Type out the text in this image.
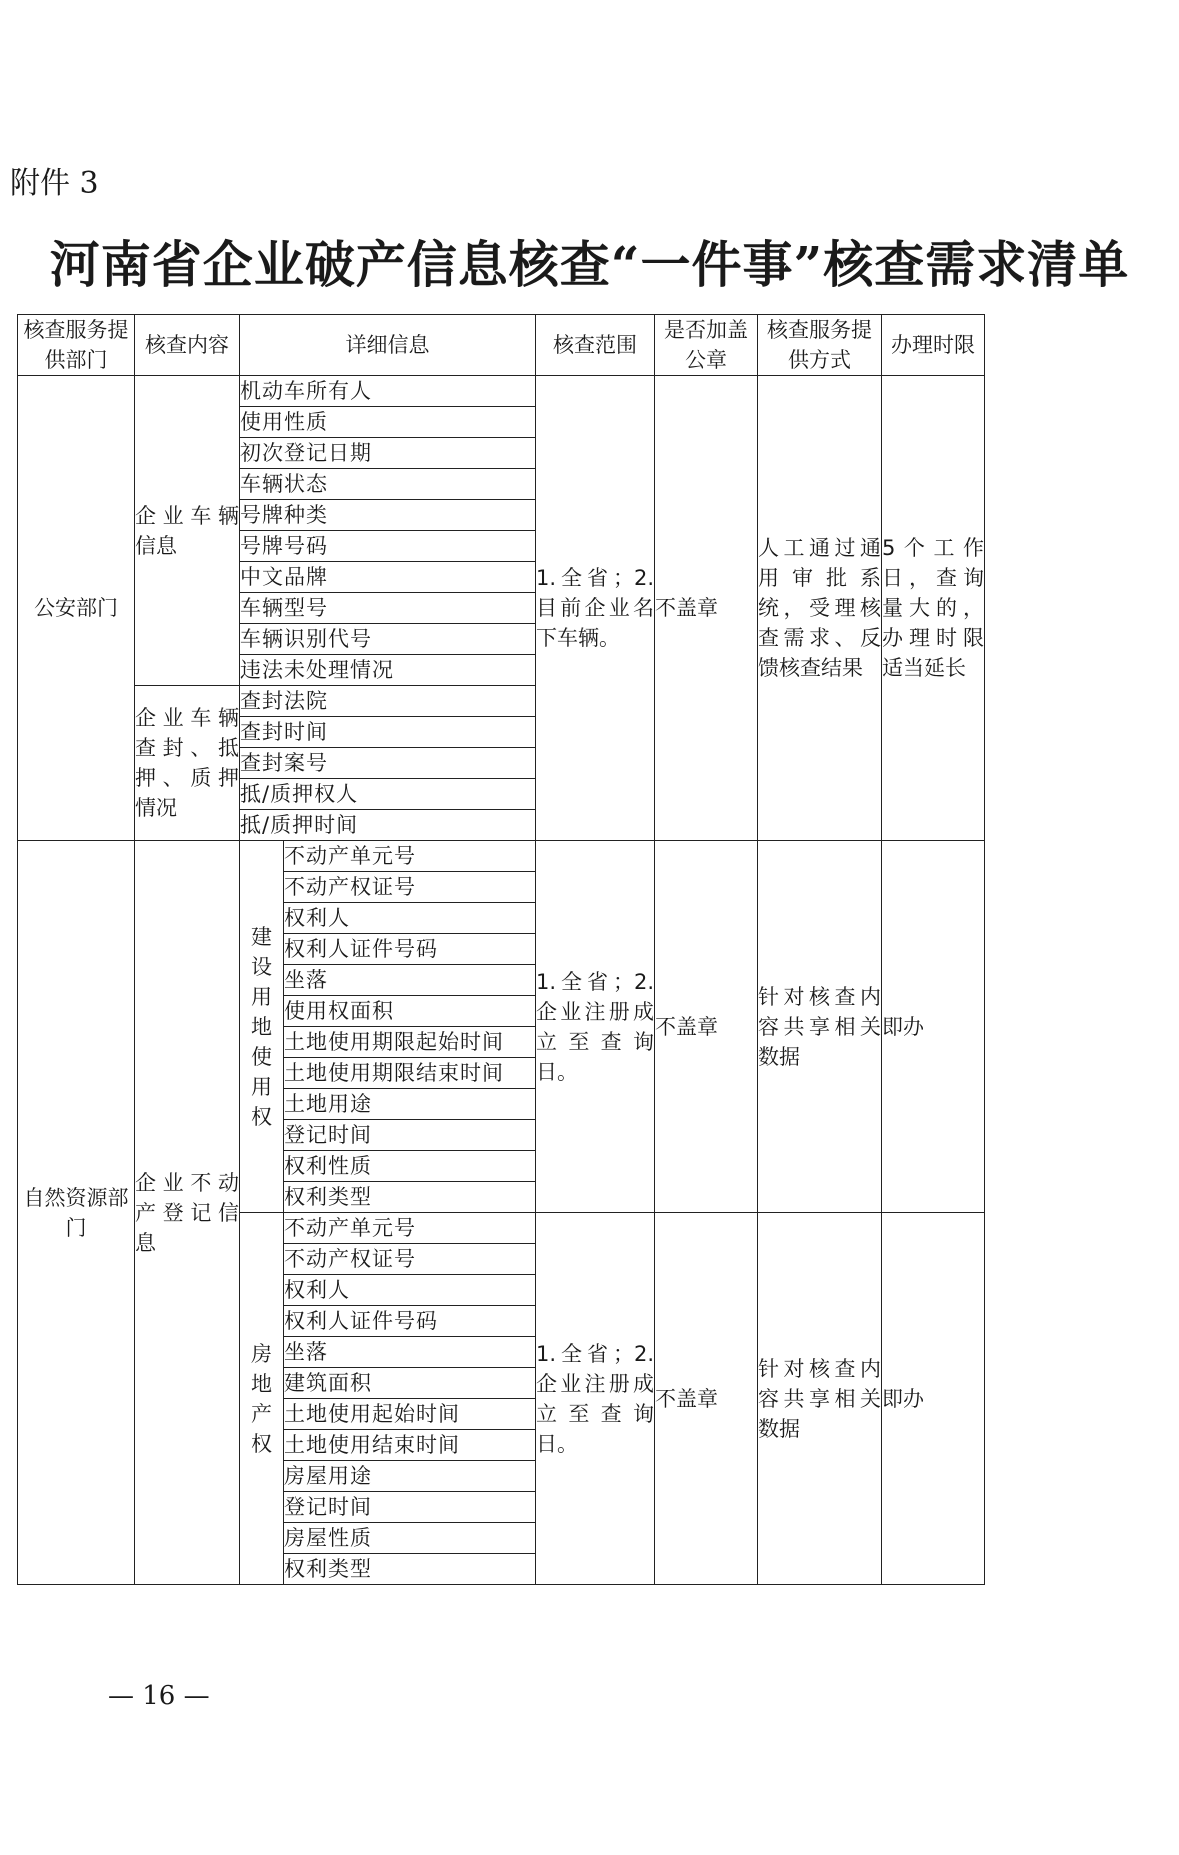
附件 3
河南省企业破产信息核查“一件事”核查需求清单
核查服务提供部门	核查内容	详细信息		核查范围	是否加盖公章	核查服务提供方式	办理时限
公安部门	企业车辆信息	机动车所有人		1.全省；2.目前企业名下车辆。	不盖章	人工通过通用审批系统，受理核查需求、反馈核查结果	5个工作日，查询量大的，办理时限适当延长
		使用性质					
		初次登记日期					
		车辆状态					
		号牌种类					
		号牌号码					
		中文品牌					
		车辆型号					
		车辆识别代号					
		违法未处理情况					
	企业车辆查封、抵押、质押情况	查封法院					
		查封时间					
		查封案号					
		抵/质押权人					
		抵/质押时间					
自然资源部门	企业不动产登记信息	建设用地使用权	不动产单元号	1.全省；2.企业注册成立至查询日。	不盖章	针对核查内容共享相关数据	即办
			不动产权证号				
			权利人				
			权利人证件号码				
			坐落				
			使用权面积				
			土地使用期限起始时间				
			土地使用期限结束时间				
			土地用途				
			登记时间				
			权利性质				
			权利类型				

		房地产权	不动产单元号	1.全省；2.企业注册成立至查询日。	不盖章	针对核查内容共享相关数据	即办
			不动产权证号				
			权利人				
			权利人证件号码				
			坐落				
			建筑面积				
			土地使用起始时间				
			土地使用结束时间				
			房屋用途				
			登记时间				
			房屋性质				
			权利类型				
— 16 —
